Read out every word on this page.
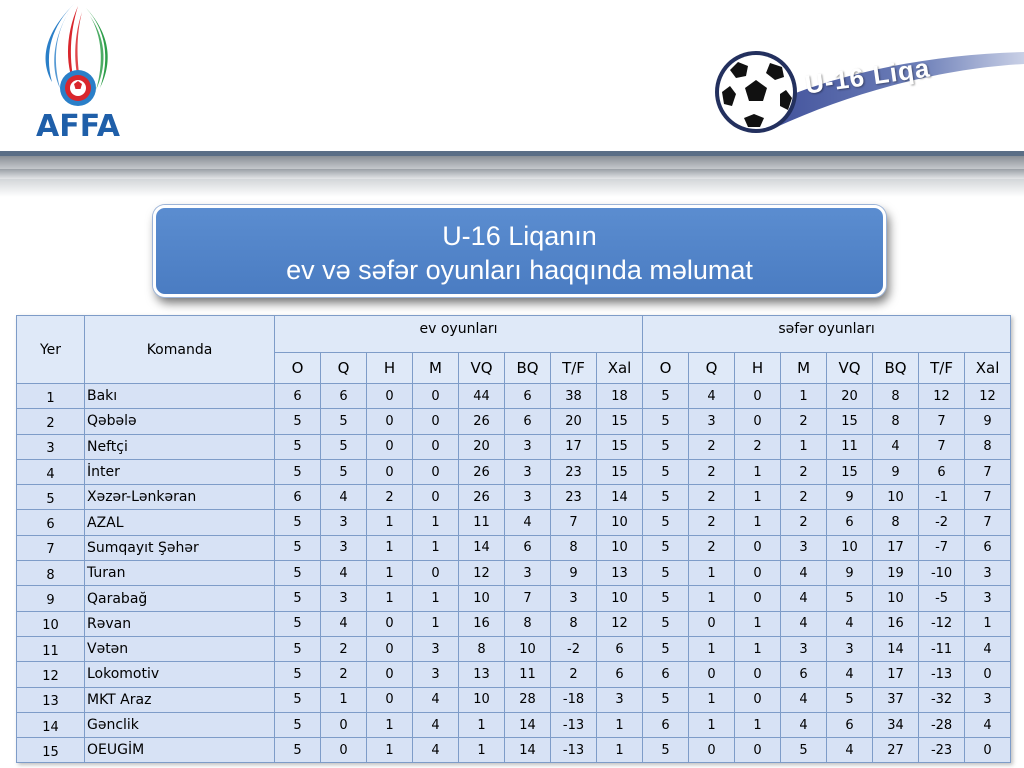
AFFA
U-16 Liqa
U-16 Liqanın
ev və səfər oyunları haqqında məlumat
Yer	Komanda	ev oyunları								səfər oyunları							
		O	Q	H	M	VQ	BQ	T/F	Xal	O	Q	H	M	VQ	BQ	T/F	Xal
1	Bakı	6	6	0	0	44	6	38	18	5	4	0	1	20	8	12	12
2	Qəbələ	5	5	0	0	26	6	20	15	5	3	0	2	15	8	7	9
3	Neftçi	5	5	0	0	20	3	17	15	5	2	2	1	11	4	7	8
4	İnter	5	5	0	0	26	3	23	15	5	2	1	2	15	9	6	7
5	Xəzər-Lənkəran	6	4	2	0	26	3	23	14	5	2	1	2	9	10	-1	7
6	AZAL	5	3	1	1	11	4	7	10	5	2	1	2	6	8	-2	7
7	Sumqayıt Şəhər	5	3	1	1	14	6	8	10	5	2	0	3	10	17	-7	6
8	Turan	5	4	1	0	12	3	9	13	5	1	0	4	9	19	-10	3
9	Qarabağ	5	3	1	1	10	7	3	10	5	1	0	4	5	10	-5	3
10	Rəvan	5	4	0	1	16	8	8	12	5	0	1	4	4	16	-12	1
11	Vətən	5	2	0	3	8	10	-2	6	5	1	1	3	3	14	-11	4
12	Lokomotiv	5	2	0	3	13	11	2	6	6	0	0	6	4	17	-13	0
13	MKT Araz	5	1	0	4	10	28	-18	3	5	1	0	4	5	37	-32	3
14	Gənclik	5	0	1	4	1	14	-13	1	6	1	1	4	6	34	-28	4
15	OEUGİM	5	0	1	4	1	14	-13	1	5	0	0	5	4	27	-23	0
